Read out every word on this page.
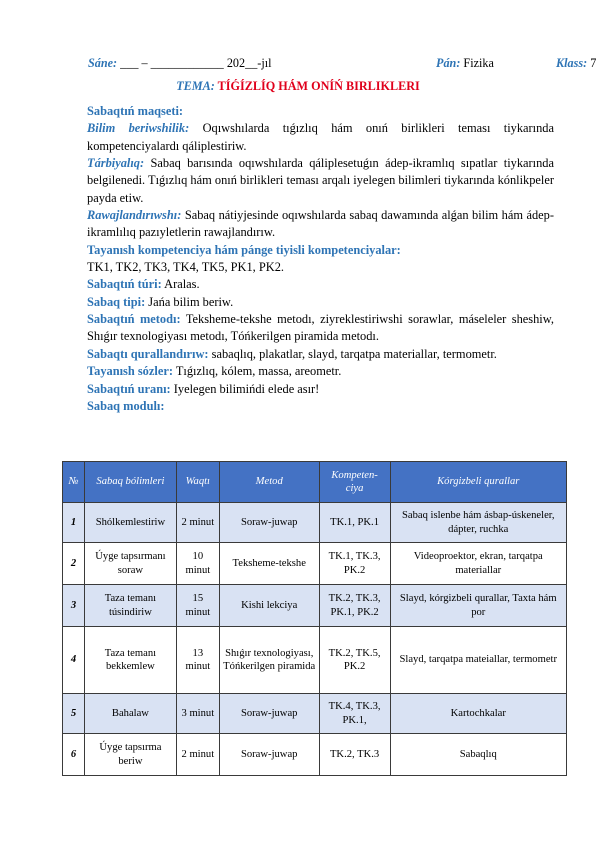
Sáne: ___ – ____________ 202__-jıl	Pán: Fizika	Klass: 7
TEMA: TÍǴÍZLÍQ HÁM ONÍŃ BIRLIKLERI

Sabaqtıń maqseti:

Bilim beriwshilik: Oqıwshılarda tıǵızlıq hám onıń birlikleri teması tiykarında kompetenciyalardı qáliplestiriw.

Tárbiyalıq: Sabaq barısında oqıwshılarda qáliplesetuǵın ádep-ikramlıq sıpatlar tiykarında belgilenedi. Tıǵızlıq hám onıń birlikleri teması arqalı iyelegen bilimleri tiykarında kónlikpeler payda etiw.

Rawajlandırıwshı: Sabaq nátiyjesinde oqıwshılarda sabaq dawamında alǵan bilim hám ádep-ikramlılıq pazıyletlerin rawajlandırıw.

Tayanısh kompetenciya hám pánge tiyisli kompetenciyalar:

TK1, TK2, TK3, TK4, TK5, PK1, PK2.

Sabaqtıń túri: Aralas.

Sabaq tipi: Jańa bilim beriw.

Sabaqtıń metodı: Teksheme-tekshe metodı, ziyreklestiriwshi sorawlar, máseleler sheshiw, Shıǵır texnologiyası metodı, Tóńkerilgen piramida metodı.

Sabaqtı qurallandırıw: sabaqlıq, plakatlar, slayd, tarqatpa materiallar, termometr.

Tayanısh sózler: Tıǵızlıq, kólem, massa, areometr.

Sabaqtıń uranı: Iyelegen bilimińdi elede asır!

Sabaq modulı:

№	Sabaq bólimleri	Waqtı	Metod	Kompeten-ciya	Kórgizbeli qurallar
1	Shólkemlestiriw	2 minut	Soraw-juwap	TK.1, PK.1	Sabaq islenbe hám ásbap-úskeneler, dápter, ruchka
2	Úyge tapsırmanı soraw	10 minut	Teksheme-tekshe	TK.1, TK.3, PK.2	Videoproektor, ekran, tarqatpa materiallar
3	Taza temanı túsindiriw	15 minut	Kishi lekciya	TK.2, TK.3, PK.1, PK.2	Slayd, kórgizbeli qurallar, Taxta hám por
4	Taza temanı bekkemlew	13 minut	Shıǵır texnologiyası, Tóńkerilgen piramida	TK.2, TK.5, PK.2	Slayd, tarqatpa mateiallar, termometr
5	Bahalaw	3 minut	Soraw-juwap	TK.4, TK.3, PK.1,	Kartochkalar
6	Úyge tapsırma beriw	2 minut	Soraw-juwap	TK.2, TK.3	Sabaqlıq
